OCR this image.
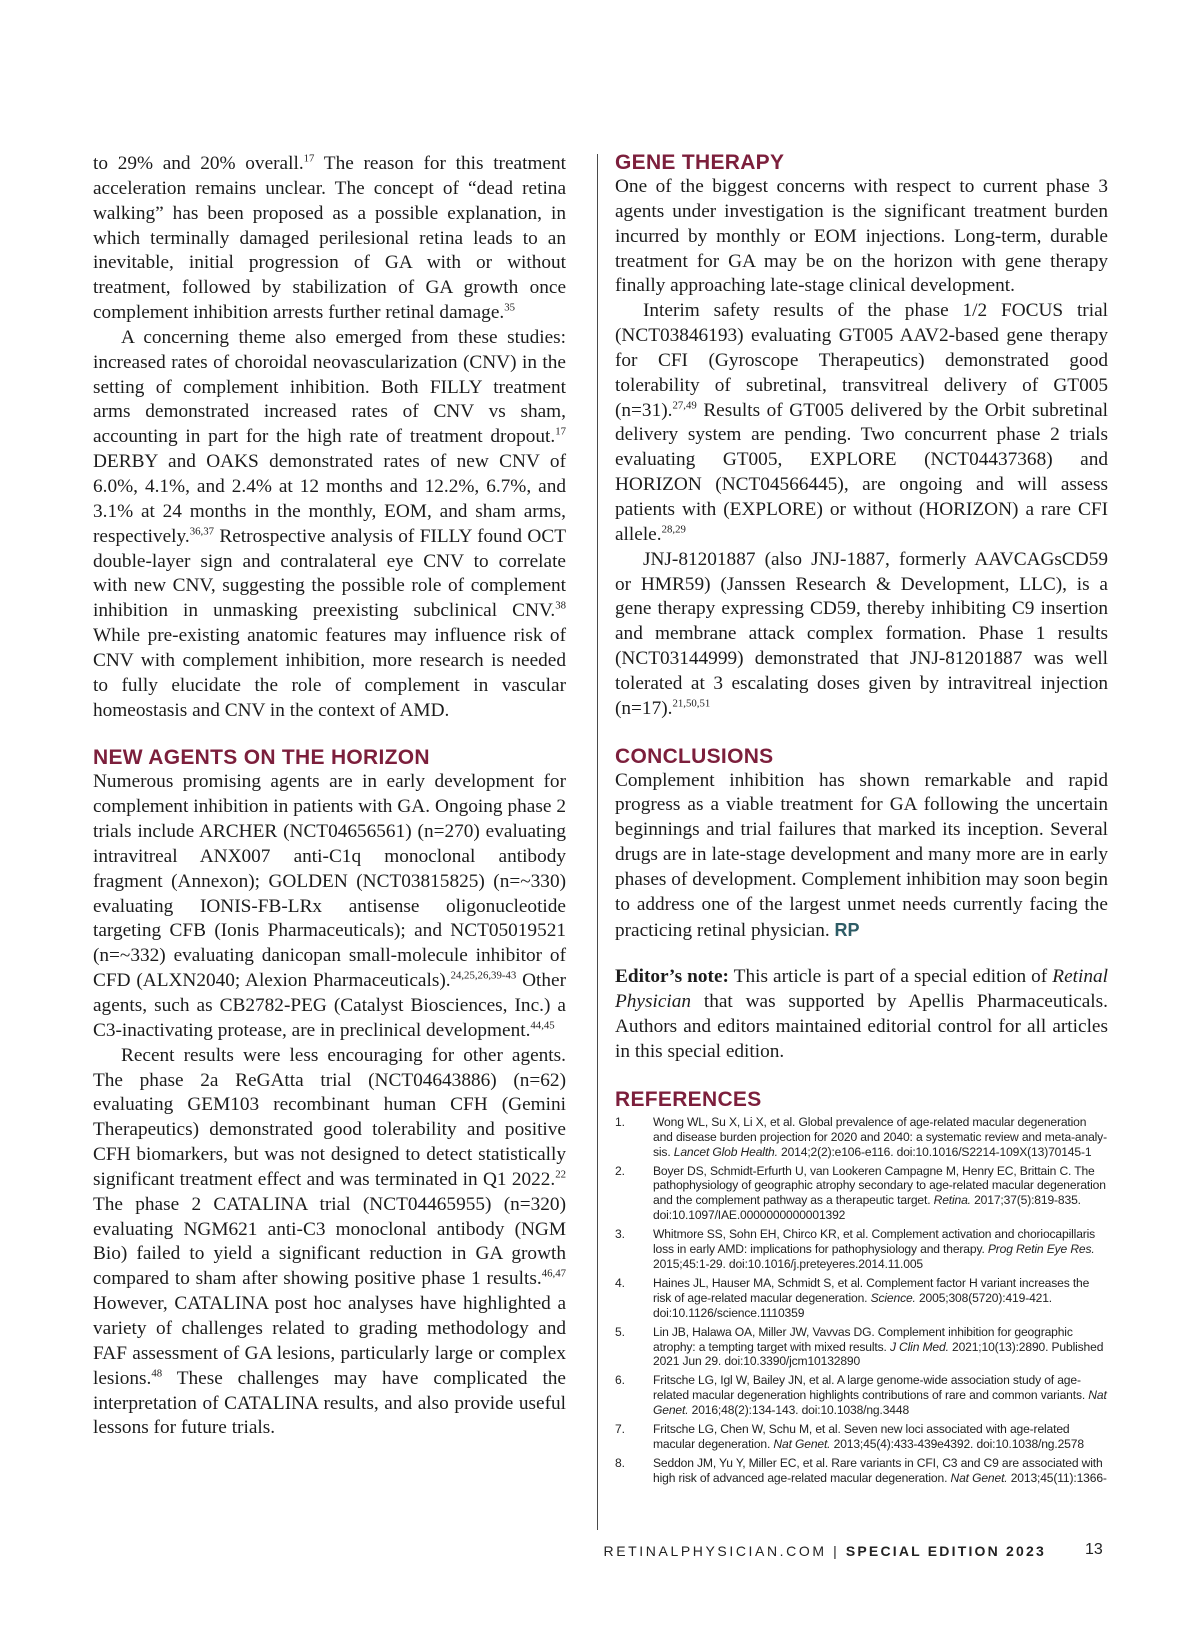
to 29% and 20% overall.$^{17}$ The reason for this treatment acceleration remains unclear. The concept of “dead retina walking” has been proposed as a possible explanation, in which terminally damaged perilesional retina leads to an inevitable, initial progression of GA with or without treatment, followed by stabilization of GA growth once complement inhibition arrests further retinal damage.$^{35}$

A concerning theme also emerged from these studies: increased rates of choroidal neovascularization (CNV) in the setting of complement inhibition. Both FILLY treatment arms demonstrated increased rates of CNV vs sham, accounting in part for the high rate of treatment dropout.$^{17}$ DERBY and OAKS demonstrated rates of new CNV of 6.0%, 4.1%, and 2.4% at 12 months and 12.2%, 6.7%, and 3.1% at 24 months in the monthly, EOM, and sham arms, respectively.$^{36,37}$ Retrospective analysis of FILLY found OCT double-layer sign and contralateral eye CNV to correlate with new CNV, suggesting the possible role of complement inhibition in unmasking preexisting subclinical CNV.$^{38}$ While pre-existing anatomic features may influence risk of CNV with complement inhibition, more research is needed to fully elucidate the role of complement in vascular homeostasis and CNV in the context of AMD.

NEW AGENTS ON THE HORIZON

Numerous promising agents are in early development for complement inhibition in patients with GA. Ongoing phase 2 trials include ARCHER (NCT04656561) (n=270) evaluating intravitreal ANX007 anti-C1q monoclonal antibody fragment (Annexon); GOLDEN (NCT03815825) (n=~330) evaluating IONIS-FB-LRx antisense oligonucleotide targeting CFB (Ionis Pharmaceuticals); and NCT05019521 (n=~332) evaluating danicopan small-molecule inhibitor of CFD (ALXN2040; Alexion Pharmaceuticals).$^{24,25,26,39-43}$ Other agents, such as CB2782-PEG (Catalyst Biosciences, Inc.) a C3-inactivating protease, are in preclinical development.$^{44,45}$

Recent results were less encouraging for other agents. The phase 2a ReGAtta trial (NCT04643886) (n=62) evaluating GEM103 recombinant human CFH (Gemini Therapeutics) demonstrated good tolerability and positive CFH biomarkers, but was not designed to detect statistically significant treatment effect and was terminated in Q1 2022.22 The phase 2 CATALINA trial (NCT04465955) (n=320) evaluating NGM621 anti-C3 monoclonal antibody (NGM Bio) failed to yield a significant reduction in GA growth compared to sham after showing positive phase 1 results.$^{46,47}$ However, CATALINA post hoc analyses have highlighted a variety of challenges related to grading methodology and FAF assessment of GA lesions, particularly large or complex lesions.$^{48}$ These challenges may have complicated the interpretation of CATALINA results, and also provide useful lessons for future trials.

GENE THERAPY

One of the biggest concerns with respect to current phase 3 agents under investigation is the significant treatment burden incurred by monthly or EOM injections. Long-term, durable treatment for GA may be on the horizon with gene therapy finally approaching late-stage clinical development.

Interim safety results of the phase 1/2 FOCUS trial (NCT03846193) evaluating GT005 AAV2-based gene therapy for CFI (Gyroscope Therapeutics) demonstrated good tolerability of subretinal, transvitreal delivery of GT005 (n=31).$^{27,49}$ Results of GT005 delivered by the Orbit subretinal delivery system are pending. Two concurrent phase 2 trials evaluating GT005, EXPLORE (NCT04437368) and HORIZON (NCT04566445), are ongoing and will assess patients with (EXPLORE) or without (HORIZON) a rare CFI allele.$^{28,29}$

JNJ-81201887 (also JNJ-1887, formerly AAVCAGsCD59 or HMR59) (Janssen Research & Development, LLC), is a gene therapy expressing CD59, thereby inhibiting C9 insertion and membrane attack complex formation. Phase 1 results (NCT03144999) demonstrated that JNJ-81201887 was well tolerated at 3 escalating doses given by intravitreal injection (n=17).$^{21,50,51}$

CONCLUSIONS

Complement inhibition has shown remarkable and rapid progress as a viable treatment for GA following the uncertain beginnings and trial failures that marked its inception. Several drugs are in late-stage development and many more are in early phases of development. Complement inhibition may soon begin to address one of the largest unmet needs currently facing the practicing retinal physician. RP

Editor’s note: This article is part of a special edition of Retinal Physician that was supported by Apellis Pharmaceuticals. Authors and editors maintained editorial control for all articles in this special edition.

REFERENCES
1.	Wong WL, Su X, Li X, et al. Global prevalence of age-related macular degeneration and disease burden projection for 2020 and 2040: a systematic review and meta-analysis. Lancet Glob Health. 2014;2(2):e106-e116. doi:10.1016/S2214-109X(13)70145-1
2.	Boyer DS, Schmidt-Erfurth U, van Lookeren Campagne M, Henry EC, Brittain C. The pathophysiology of geographic atrophy secondary to age-related macular degeneration and the complement pathway as a therapeutic target. Retina. 2017;37(5):819-835. doi:10.1097/IAE.0000000000001392
3.	Whitmore SS, Sohn EH, Chirco KR, et al. Complement activation and choriocapillaris loss in early AMD: implications for pathophysiology and therapy. Prog Retin Eye Res. 2015;45:1-29. doi:10.1016/j.preteyeres.2014.11.005
4.	Haines JL, Hauser MA, Schmidt S, et al. Complement factor H variant increases the risk of age-related macular degeneration. Science. 2005;308(5720):419-421. doi:10.1126/science.1110359
5.	Lin JB, Halawa OA, Miller JW, Vavvas DG. Complement inhibition for geographic atrophy: a tempting target with mixed results. J Clin Med. 2021;10(13):2890. Published 2021 Jun 29. doi:10.3390/jcm10132890
6.	Fritsche LG, Igl W, Bailey JN, et al. A large genome-wide association study of age-related macular degeneration highlights contributions of rare and common variants. Nat Genet. 2016;48(2):134-143. doi:10.1038/ng.3448
7.	Fritsche LG, Chen W, Schu M, et al. Seven new loci associated with age-related macular degeneration. Nat Genet. 2013;45(4):433-439e4392. doi:10.1038/ng.2578
8.	Seddon JM, Yu Y, Miller EC, et al. Rare variants in CFI, C3 and C9 are associated with high risk of advanced age-related macular degeneration. Nat Genet. 2013;45(11):1366-
RETINALPHYSICIAN.COM | SPECIAL EDITION 2023 13
